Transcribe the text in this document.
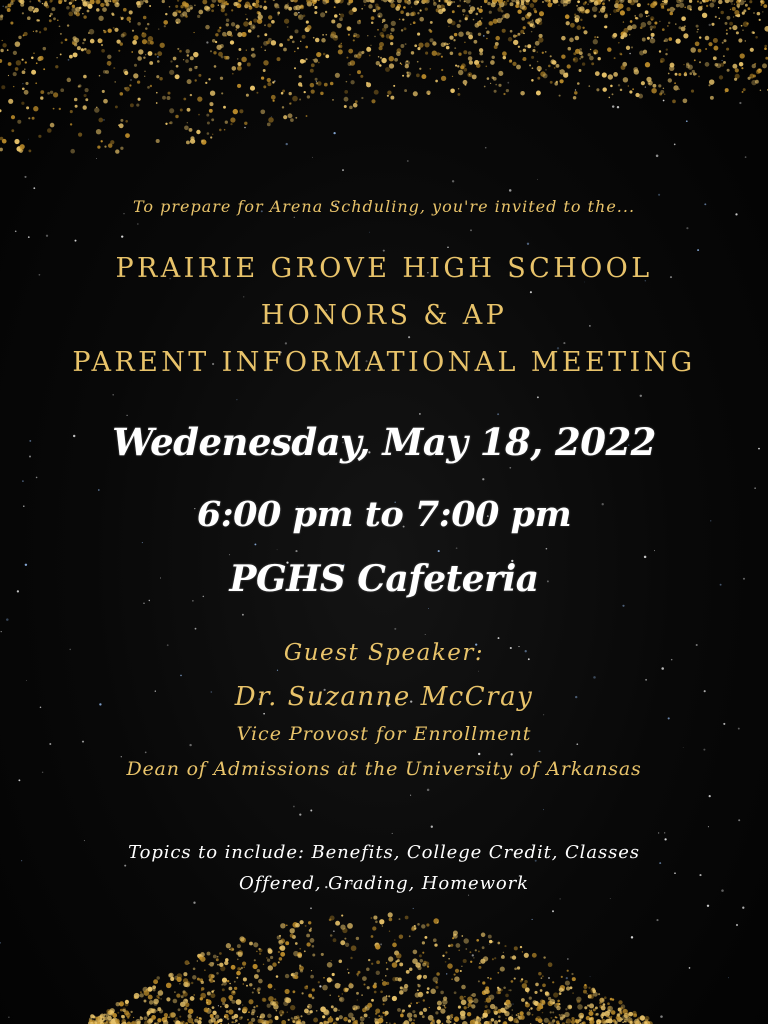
To prepare for Arena Schduling, you're invited to the...
PRAIRIE GROVE HIGH SCHOOL
HONORS & AP
PARENT INFORMATIONAL MEETING
Wedenesday, May 18, 2022
6:00 pm to 7:00 pm
PGHS Cafeteria
Guest Speaker:
Dr. Suzanne McCray
Vice Provost for Enrollment
Dean of Admissions at the University of Arkansas
Topics to include: Benefits, College Credit, Classes
Offered, Grading, Homework
